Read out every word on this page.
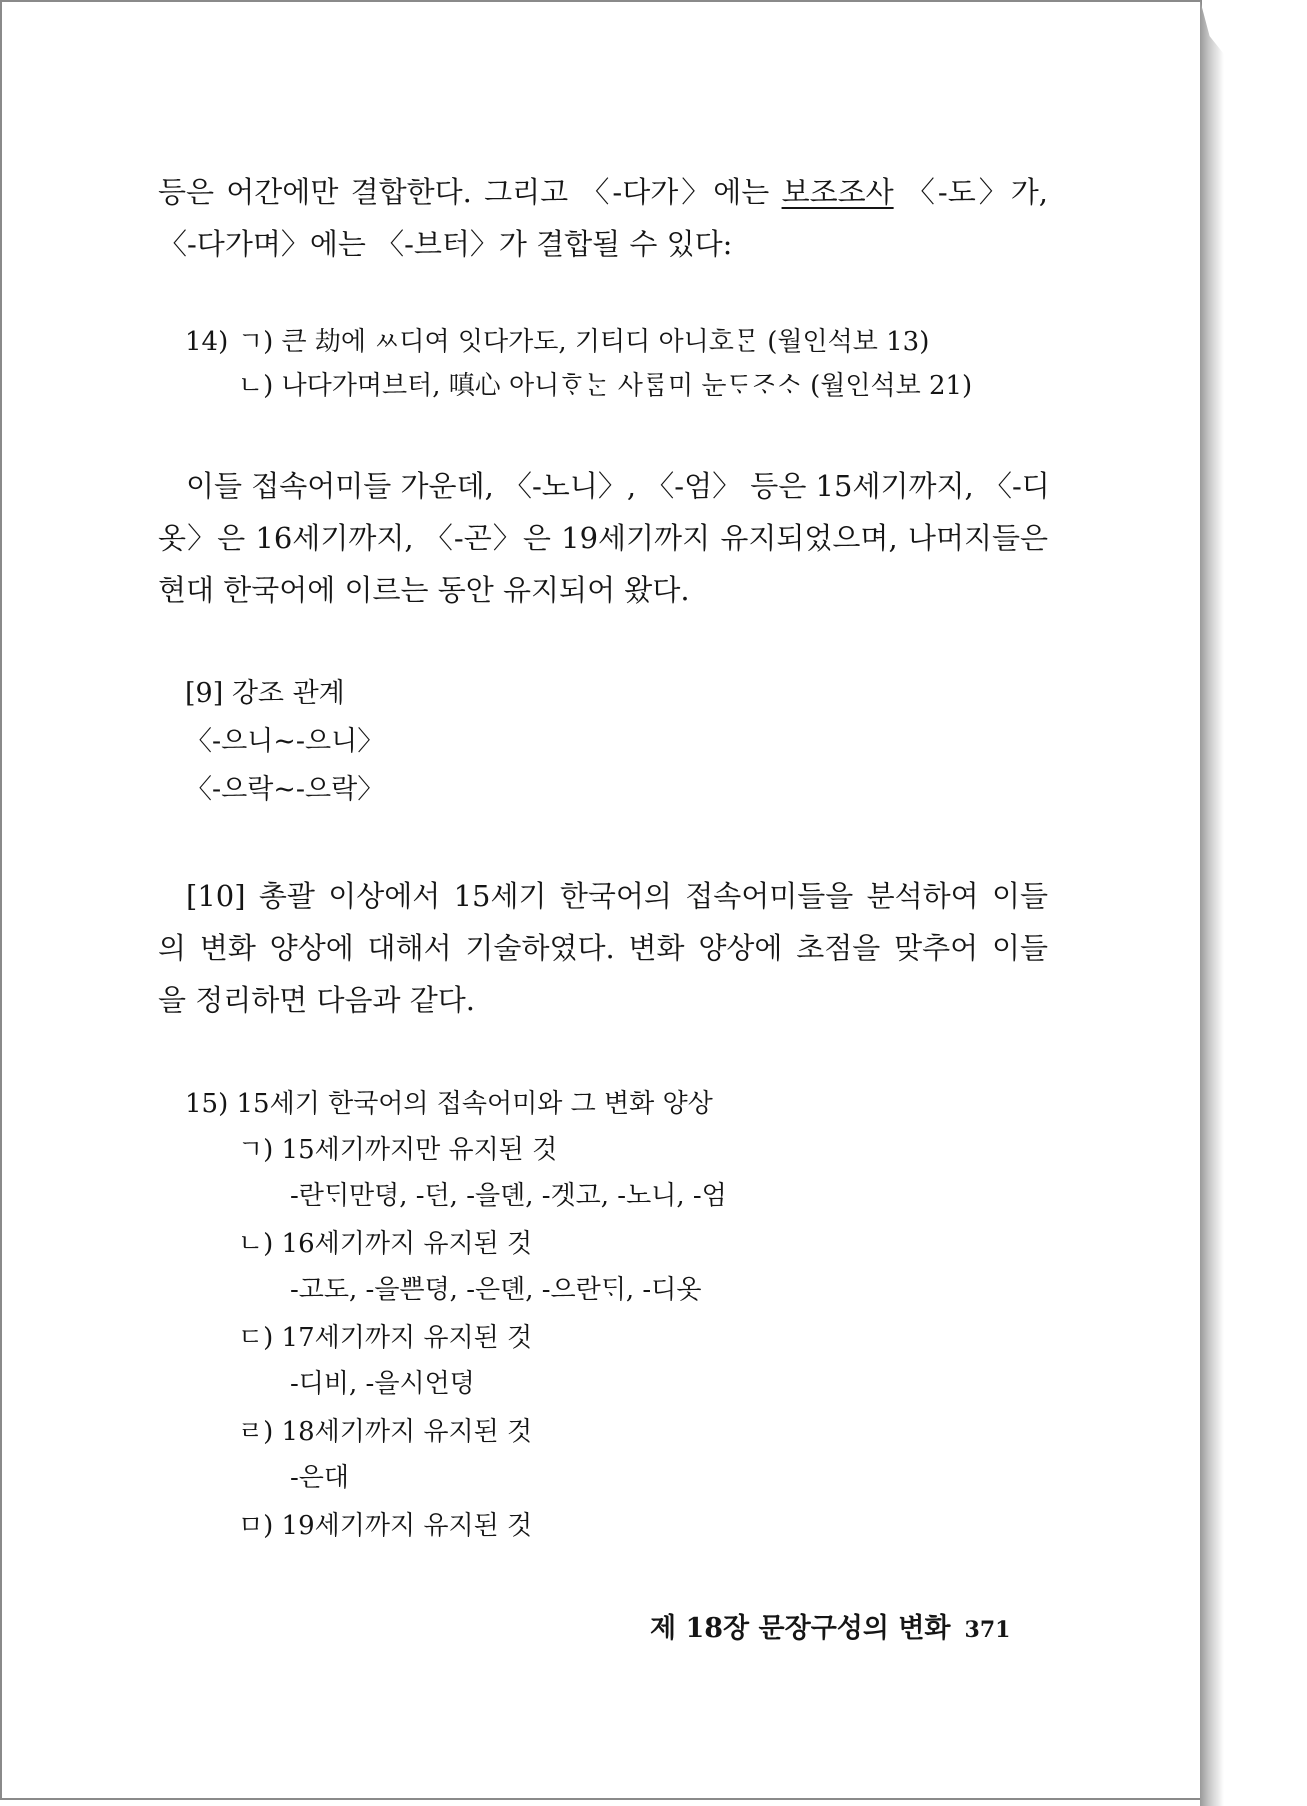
등은 어간에만 결합한다. 그리고 〈-다가〉에는 보조조사 〈-도〉가,
〈-다가며〉에는 〈-브터〉가 결합될 수 있다:
14) ㄱ) 큰 劫에 ㅆ디여 잇다가도, 기티디 아니호ᄆᆞᆫ (월인석보 13)
ㄴ) 나다가며브터, 嗔心 아니ᄒᆞᄂᆞᆫ 사ᄅᆞᆷ미 눈ᄃᆞᄌᆞᄉᆞ (월인석보 21)
이들 접속어미들 가운데, 〈-노니〉, 〈-엄〉 등은 15세기까지, 〈-디
옷〉은 16세기까지, 〈-곤〉은 19세기까지 유지되었으며, 나머지들은
현대 한국어에 이르는 동안 유지되어 왔다.
[9] 강조 관계
〈-으니~-으니〉
〈-으락~-으락〉
[10] 총괄 이상에서 15세기 한국어의 접속어미들을 분석하여 이들
의 변화 양상에 대해서 기술하였다. 변화 양상에 초점을 맞추어 이들
을 정리하면 다음과 같다.
15) 15세기 한국어의 접속어미와 그 변화 양상
ㄱ) 15세기까지만 유지된 것
-란ᄃᆡ만뎡, -던, -을뎬, -겟고, -노니, -엄
ㄴ) 16세기까지 유지된 것
-고도, -을쁜뎡, -은뎬, -으란ᄃᆡ, -디옷
ㄷ) 17세기까지 유지된 것
-디비, -을시언뎡
ㄹ) 18세기까지 유지된 것
-은대
ㅁ) 19세기까지 유지된 것
제 18장 문장구성의 변화 371
